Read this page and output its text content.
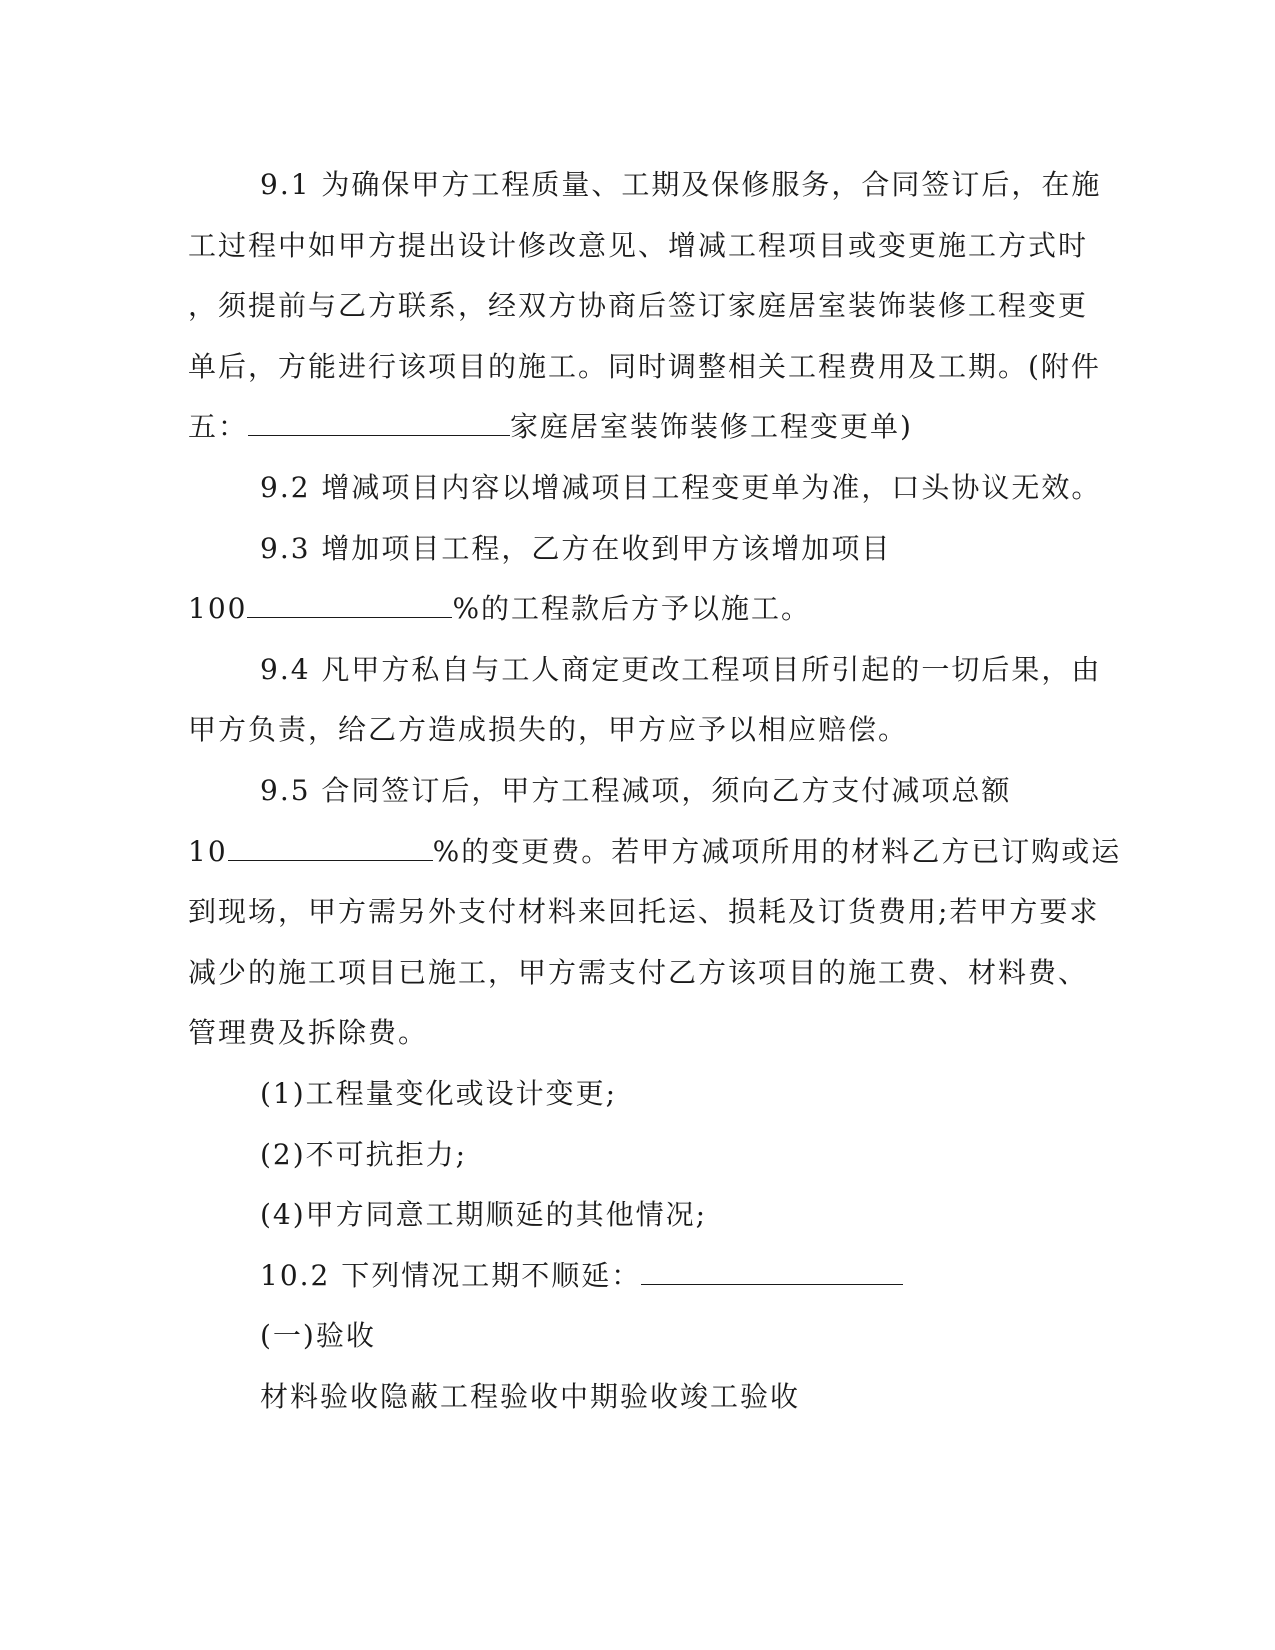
9.1 为确保甲方工程质量、工期及保修服务，合同签订后，在施
工过程中如甲方提出设计修改意见、增减工程项目或变更施工方式时
，须提前与乙方联系，经双方协商后签订家庭居室装饰装修工程变更
单后，方能进行该项目的施工。同时调整相关工程费用及工期。(附件
五：	家庭居室装饰装修工程变更单)
9.2 增减项目内容以增减项目工程变更单为准，口头协议无效。
9.3 增加项目工程，乙方在收到甲方该增加项目
100	%的工程款后方予以施工。
9.4 凡甲方私自与工人商定更改工程项目所引起的一切后果，由
甲方负责，给乙方造成损失的，甲方应予以相应赔偿。
9.5 合同签订后，甲方工程减项，须向乙方支付减项总额
10	%的变更费。若甲方减项所用的材料乙方已订购或运
到现场，甲方需另外支付材料来回托运、损耗及订货费用;若甲方要求
减少的施工项目已施工，甲方需支付乙方该项目的施工费、材料费、
管理费及拆除费。
(1)工程量变化或设计变更;
(2)不可抗拒力;
(4)甲方同意工期顺延的其他情况;
10.2 下列情况工期不顺延：
(一)验收
材料验收隐蔽工程验收中期验收竣工验收
